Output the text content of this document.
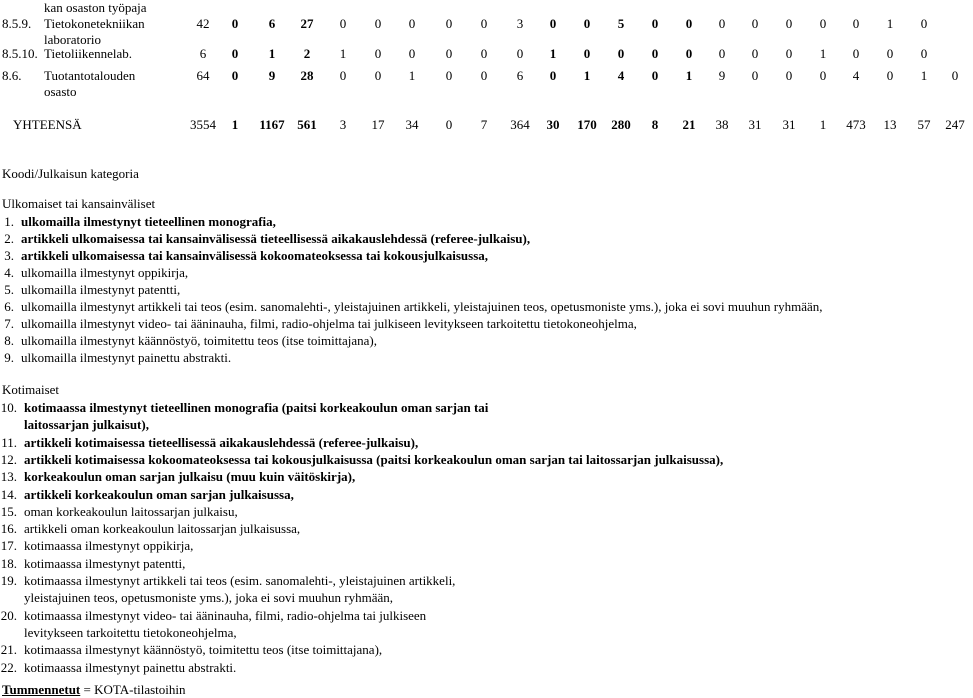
kan osaston työpaja
8.5.9. Tietokonetekniikan
laboratorio
42	0	6	27	0	0	0	0	0	3	0	0	5	0	0	0	0	0	0	0	1	0
8.5.10. Tietoliikennelab.	6	0	1	2	1	0	0	0	0	0	1	0	0	0	0	0	0	0	1	0	0	0
8.6. Tuotantotalouden
osasto
64	0	9	28	0	0	1	0	0	6	0	1	4	0	1	9	0	0	0	4	0	1	0
YHTEENSÄ	3554	1	1167 561	3	17	34	0	7	364	30	170	280	8	21	38	31	31	1	473	13	57	247
Koodi/Julkaisun kategoria
Ulkomaiset tai kansainväliset
1. ulkomailla ilmestynyt tieteellinen monografia,
2. artikkeli ulkomaisessa tai kansainvälisessä tieteellisessä aikakauslehdessä (referee-julkaisu),
3. artikkeli ulkomaisessa tai kansainvälisessä kokoomateoksessa tai kokousjulkaisussa,
4. ulkomailla ilmestynyt oppikirja,
5. ulkomailla ilmestynyt patentti,
6. ulkomailla ilmestynyt artikkeli tai teos (esim. sanomalehti-, yleistajuinen artikkeli, yleistajuinen teos, opetusmoniste yms.), joka ei sovi muuhun ryhmään,
7. ulkomailla ilmestynyt video- tai ääninauha, filmi, radio-ohjelma tai julkiseen levitykseen tarkoitettu tietokoneohjelma,
8. ulkomailla ilmestynyt käännöstyö, toimitettu teos (itse toimittajana),
9. ulkomailla ilmestynyt painettu abstrakti.
Kotimaiset
10. kotimaassa ilmestynyt tieteellinen monografia (paitsi korkeakoulun oman sarjan tai
laitossarjan julkaisut),
11. artikkeli kotimaisessa tieteellisessä aikakauslehdessä (referee-julkaisu),
12. artikkeli kotimaisessa kokoomateoksessa tai kokousjulkaisussa (paitsi korkeakoulun oman sarjan tai laitossarjan julkaisussa),
13. korkeakoulun oman sarjan julkaisu (muu kuin väitöskirja),
14. artikkeli korkeakoulun oman sarjan julkaisussa,
15. oman korkeakoulun laitossarjan julkaisu,
16. artikkeli oman korkeakoulun laitossarjan julkaisussa,
17. kotimaassa ilmestynyt oppikirja,
18. kotimaassa ilmestynyt patentti,
19. kotimaassa ilmestynyt artikkeli tai teos (esim. sanomalehti-, yleistajuinen artikkeli,
yleistajuinen teos, opetusmoniste yms.), joka ei sovi muuhun ryhmään,
20. kotimaassa ilmestynyt video- tai ääninauha, filmi, radio-ohjelma tai julkiseen
levitykseen tarkoitettu tietokoneohjelma,
21. kotimaassa ilmestynyt käännöstyö, toimitettu teos (itse toimittajana),
22. kotimaassa ilmestynyt painettu abstrakti.
Tummennetut = KOTA-tilastoihin
